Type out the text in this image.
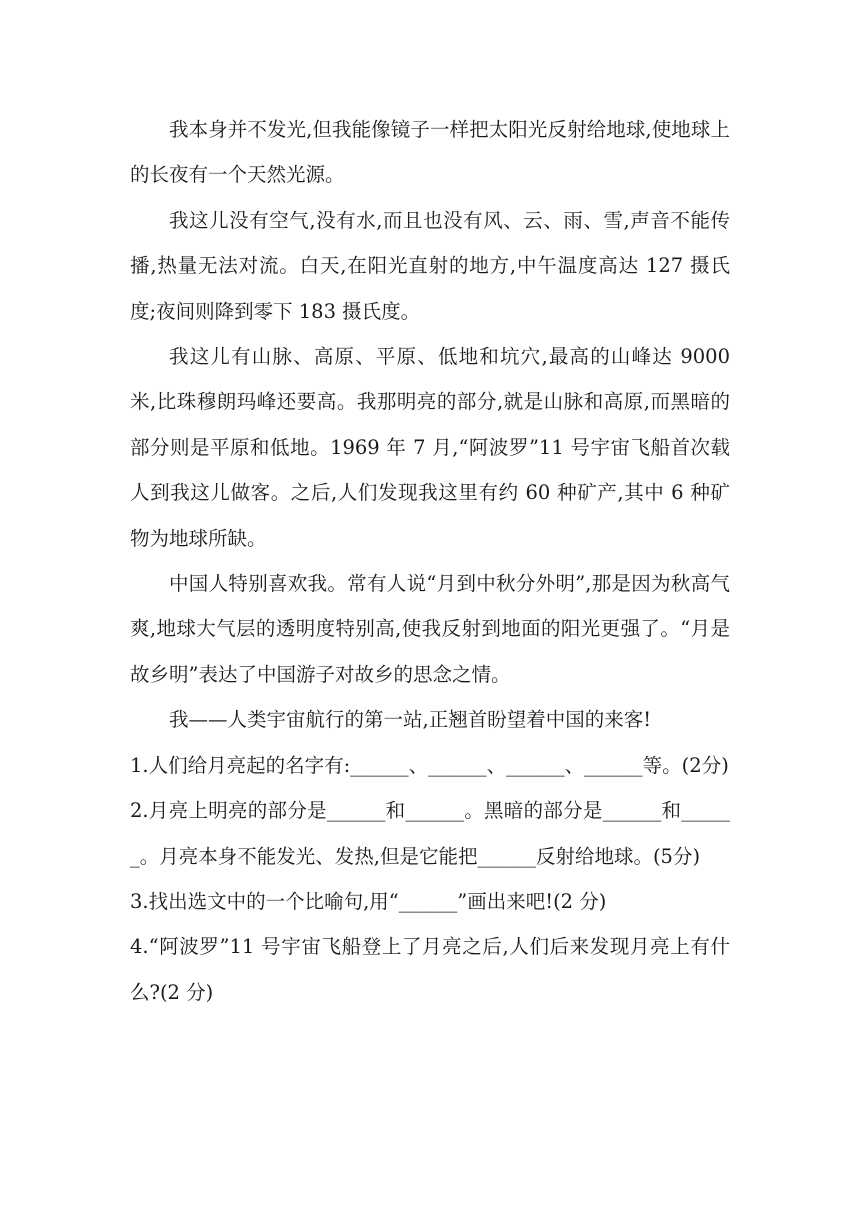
我本身并不发光,但我能像镜子一样把太阳光反射给地球,使地球上的长夜有一个天然光源。

我这儿没有空气,没有水,而且也没有风、云、雨、雪,声音不能传播,热量无法对流。白天,在阳光直射的地方,中午温度高达 127 摄氏度;夜间则降到零下 183 摄氏度。

我这儿有山脉、高原、平原、低地和坑穴,最高的山峰达 9000 米,比珠穆朗玛峰还要高。我那明亮的部分,就是山脉和高原,而黑暗的部分则是平原和低地。1969 年 7 月,“阿波罗”11 号宇宙飞船首次载人到我这儿做客。之后,人们发现我这里有约 60 种矿产,其中 6 种矿物为地球所缺。

中国人特别喜欢我。常有人说“月到中秋分外明”,那是因为秋高气爽,地球大气层的透明度特别高,使我反射到地面的阳光更强了。“月是故乡明”表达了中国游子对故乡的思念之情。

我——人类宇宙航行的第一站,正翘首盼望着中国的来客!

1.人们给月亮起的名字有:______、______、______、______等。(2分)

2.月亮上明亮的部分是______和______。黑暗的部分是______和______。月亮本身不能发光、发热,但是它能把______反射给地球。(5分)

3.找出选文中的一个比喻句,用“______”画出来吧!(2 分)

4.“阿波罗”11 号宇宙飞船登上了月亮之后,人们后来发现月亮上有什么?(2 分)
